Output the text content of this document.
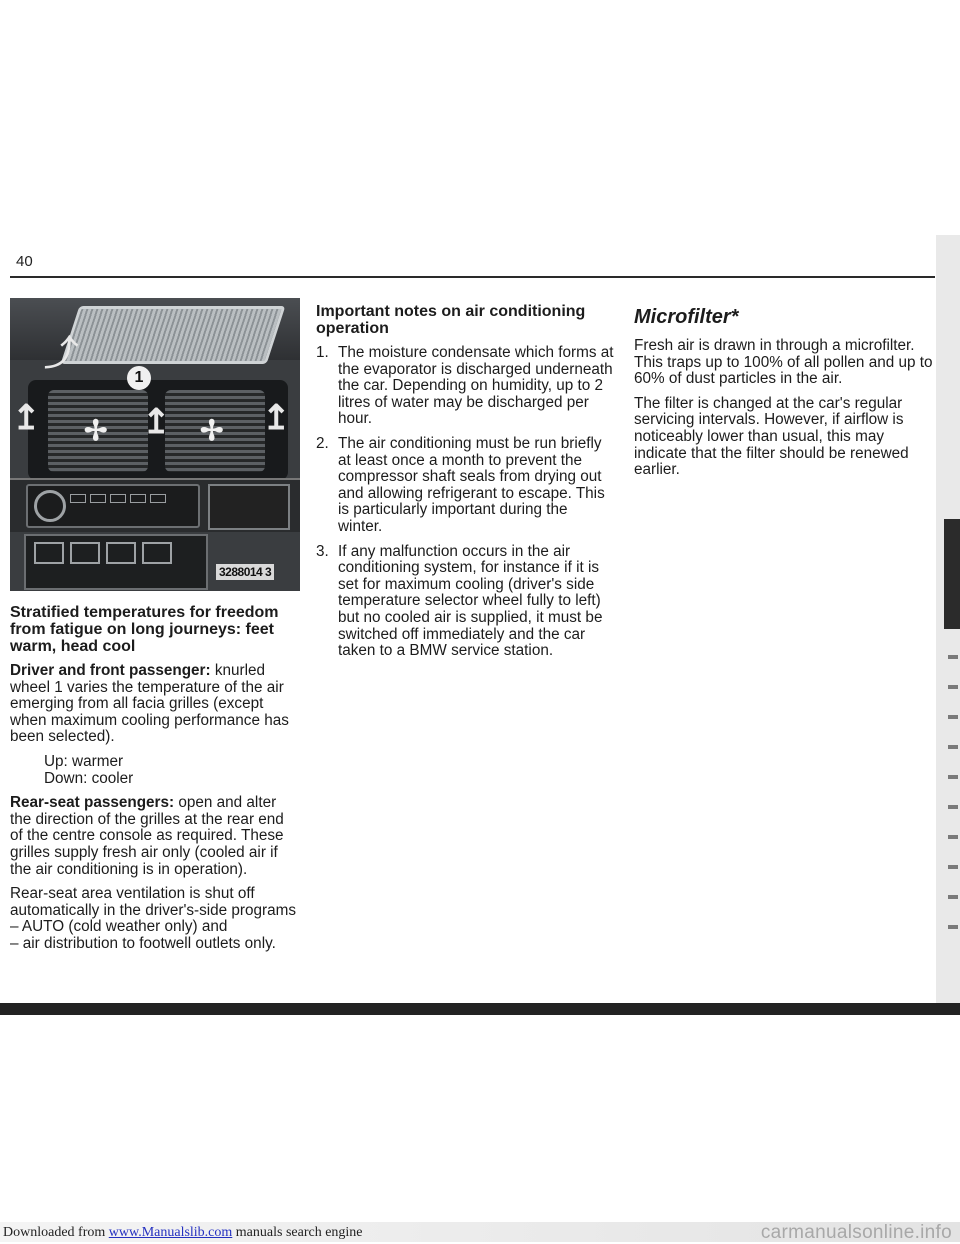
40
✢	✢
⤴
↥	↥	↥
1
3288014 3
Stratified temperatures for freedom from fatigue on long journeys: feet warm, head cool

Driver and front passenger: knurled wheel 1 varies the temperature of the air emerging from all facia grilles (except when maximum cooling performance has been selected).

Up: warmer
Down: cooler

Rear-seat passengers: open and alter the direction of the grilles at the rear end of the centre console as required. These grilles supply fresh air only (cooled air if the air conditioning is in operation).

Rear-seat area ventilation is shut off automatically in the driver's-side programs

– AUTO (cold weather only) and
– air distribution to footwell outlets only.
Important notes on air conditioning operation
1. The moisture condensate which forms at the evaporator is discharged underneath the car. Depending on humidity, up to 2 litres of water may be discharged per hour.
2. The air conditioning must be run briefly at least once a month to prevent the compressor shaft seals from drying out and allowing refrigerant to escape. This is particularly important during the winter.
3. If any malfunction occurs in the air conditioning system, for instance if it is set for maximum cooling (driver's side temperature selector wheel fully to left) but no cooled air is supplied, it must be switched off immediately and the car taken to a BMW service station.
Microfilter*

Fresh air is drawn in through a microfilter. This traps up to 100% of all pollen and up to 60% of dust particles in the air.

The filter is changed at the car's regular servicing intervals. However, if airflow is noticeably lower than usual, this may indicate that the filter should be renewed earlier.

Downloaded from www.Manualslib.com manuals search engine	carmanualsonline.info
